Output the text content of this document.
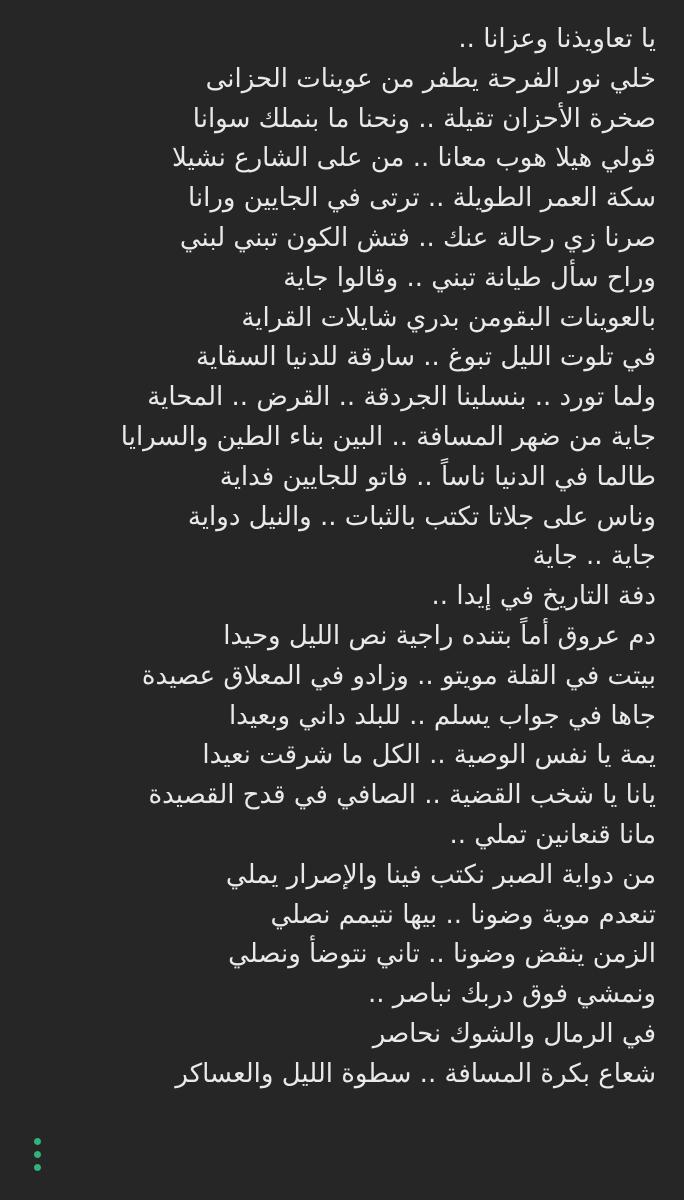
يا تعاويذنا وعزانا ..
خلي نور الفرحة يطفر من عوينات الحزانى
صخرة الأحزان تقيلة .. ونحنا ما بنملك سوانا
قولي هيلا هوب معانا .. من على الشارع نشيلا
سكة العمر الطويلة .. ترتى في الجايين ورانا
صرنا زي رحالة عنك .. فتش الكون تبني لبني
وراح سأل طيانة تبني .. وقالوا جاية
بالعوينات البقومن بدري شايلات القراية
في تلوت الليل تبوغ .. سارقة للدنيا السقاية
ولما تورد .. بنسلينا الجردقة .. القرض .. المحاية
جاية من ضهر المسافة .. البين بناء الطين والسرايا
طالما في الدنيا ناساً .. فاتو للجايين فداية
وناس على جلاتا تكتب بالثبات .. والنيل دواية
جاية .. جاية
دفة التاريخ في إيدا ..
دم عروق أماً بتنده راجية نص الليل وحيدا
بيتت في القلة مويتو .. وزادو في المعلاق عصيدة
جاها في جواب يسلم .. للبلد داني وبعيدا
يمة يا نفس الوصية .. الكل ما شرقت نعيدا
يانا يا شخب القضية .. الصافي في قدح القصيدة
مانا قنعانين تملي ..
من دواية الصبر نكتب فينا والإصرار يملي
تنعدم موية وضونا .. بيها نتيمم نصلي
الزمن ينقض وضونا .. تاني نتوضأ ونصلي
ونمشي فوق دربك نباصر ..
في الرمال والشوك نحاصر
شعاع بكرة المسافة .. سطوة الليل والعساكر
